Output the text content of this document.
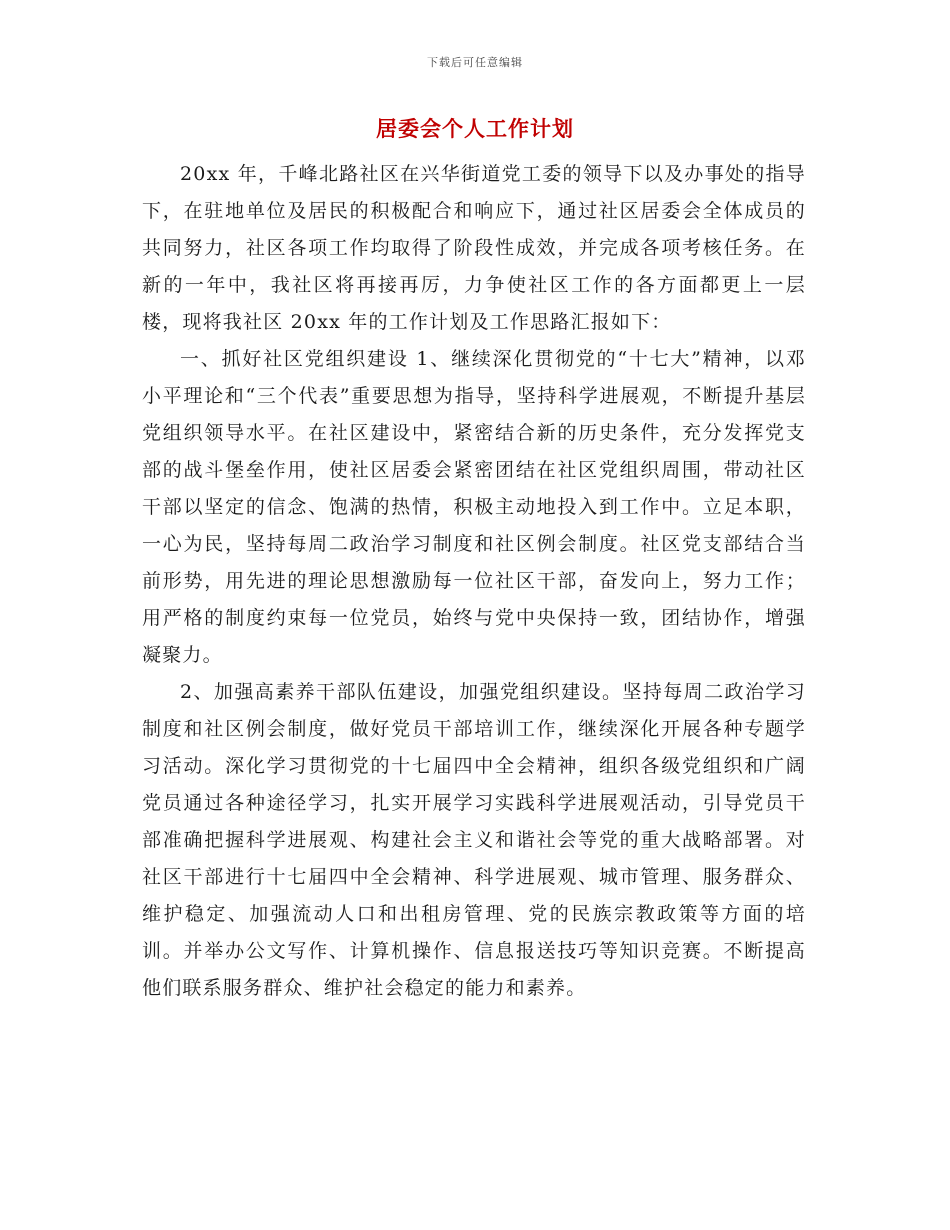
下载后可任意编辑
居委会个人工作计划

20xx 年，千峰北路社区在兴华街道党工委的领导下以及办事处的指导下，在驻地单位及居民的积极配合和响应下，通过社区居委会全体成员的共同努力，社区各项工作均取得了阶段性成效，并完成各项考核任务。在新的一年中，我社区将再接再厉，力争使社区工作的各方面都更上一层楼，现将我社区 20xx 年的工作计划及工作思路汇报如下：

一、抓好社区党组织建设 1、继续深化贯彻党的“十七大”精神，以邓小平理论和“三个代表”重要思想为指导，坚持科学进展观，不断提升基层党组织领导水平。在社区建设中，紧密结合新的历史条件，充分发挥党支部的战斗堡垒作用，使社区居委会紧密团结在社区党组织周围，带动社区干部以坚定的信念、饱满的热情，积极主动地投入到工作中。立足本职，一心为民，坚持每周二政治学习制度和社区例会制度。社区党支部结合当前形势，用先进的理论思想激励每一位社区干部，奋发向上，努力工作；用严格的制度约束每一位党员，始终与党中央保持一致，团结协作，增强凝聚力。

2、加强高素养干部队伍建设，加强党组织建设。坚持每周二政治学习制度和社区例会制度，做好党员干部培训工作，继续深化开展各种专题学习活动。深化学习贯彻党的十七届四中全会精神，组织各级党组织和广阔党员通过各种途径学习，扎实开展学习实践科学进展观活动，引导党员干部准确把握科学进展观、构建社会主义和谐社会等党的重大战略部署。对社区干部进行十七届四中全会精神、科学进展观、城市管理、服务群众、维护稳定、加强流动人口和出租房管理、党的民族宗教政策等方面的培训。并举办公文写作、计算机操作、信息报送技巧等知识竞赛。不断提高他们联系服务群众、维护社会稳定的能力和素养。
